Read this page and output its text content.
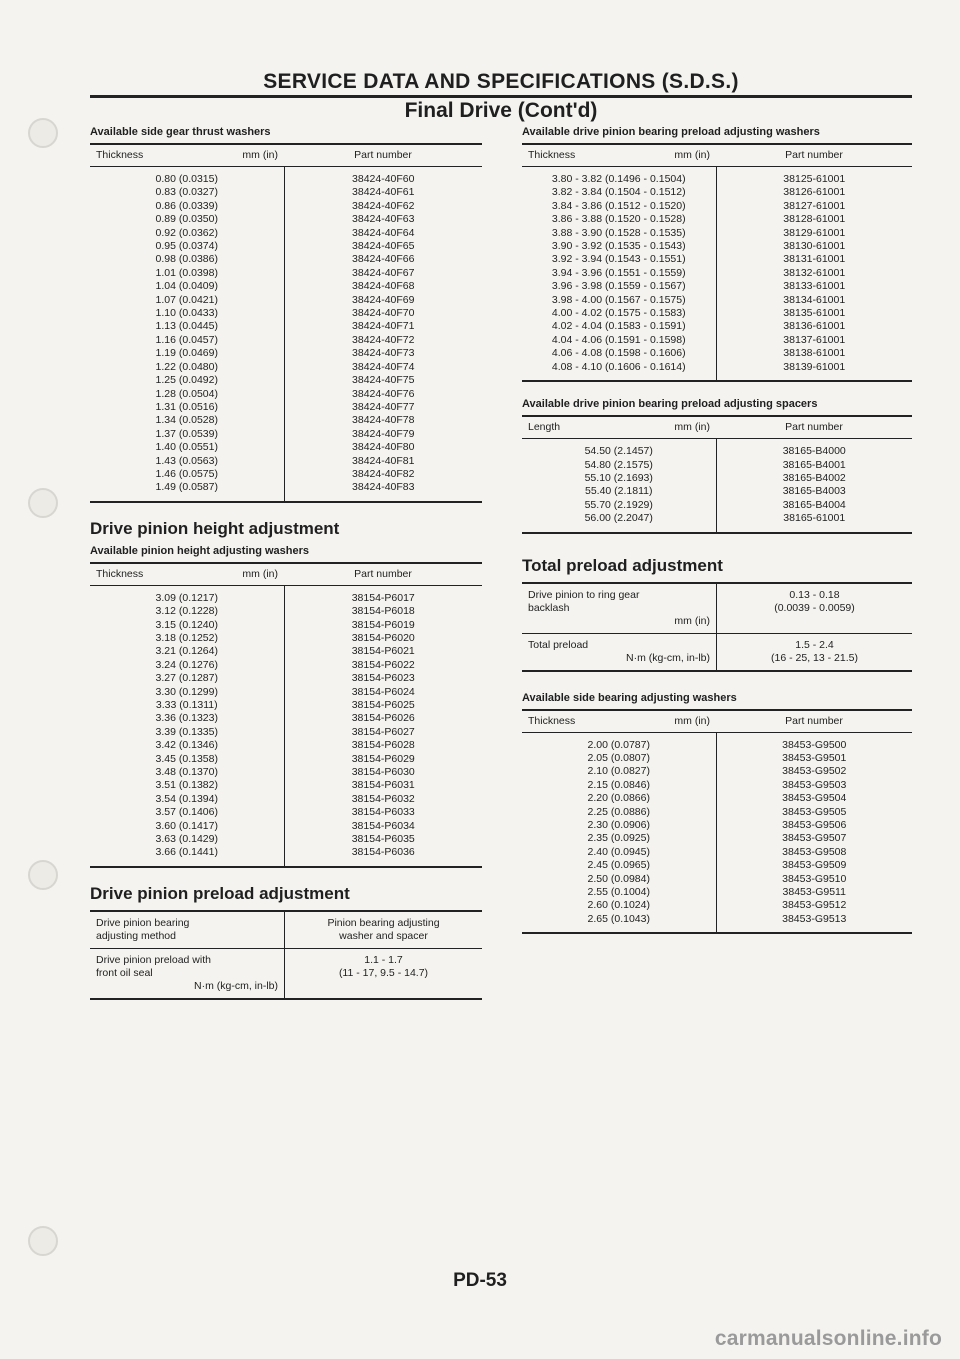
SERVICE DATA AND SPECIFICATIONS (S.D.S.)
Final Drive (Cont'd)
Available side gear thrust washers
Thickness mm (in)	Part number
0.80 (0.0315)	38424-40F60
0.83 (0.0327)	38424-40F61
0.86 (0.0339)	38424-40F62
0.89 (0.0350)	38424-40F63
0.92 (0.0362)	38424-40F64
0.95 (0.0374)	38424-40F65
0.98 (0.0386)	38424-40F66
1.01 (0.0398)	38424-40F67
1.04 (0.0409)	38424-40F68
1.07 (0.0421)	38424-40F69
1.10 (0.0433)	38424-40F70
1.13 (0.0445)	38424-40F71
1.16 (0.0457)	38424-40F72
1.19 (0.0469)	38424-40F73
1.22 (0.0480)	38424-40F74
1.25 (0.0492)	38424-40F75
1.28 (0.0504)	38424-40F76
1.31 (0.0516)	38424-40F77
1.34 (0.0528)	38424-40F78
1.37 (0.0539)	38424-40F79
1.40 (0.0551)	38424-40F80
1.43 (0.0563)	38424-40F81
1.46 (0.0575)	38424-40F82
1.49 (0.0587)	38424-40F83
Drive pinion height adjustment
Available pinion height adjusting washers
Thickness mm (in)	Part number
3.09 (0.1217)	38154-P6017
3.12 (0.1228)	38154-P6018
3.15 (0.1240)	38154-P6019
3.18 (0.1252)	38154-P6020
3.21 (0.1264)	38154-P6021
3.24 (0.1276)	38154-P6022
3.27 (0.1287)	38154-P6023
3.30 (0.1299)	38154-P6024
3.33 (0.1311)	38154-P6025
3.36 (0.1323)	38154-P6026
3.39 (0.1335)	38154-P6027
3.42 (0.1346)	38154-P6028
3.45 (0.1358)	38154-P6029
3.48 (0.1370)	38154-P6030
3.51 (0.1382)	38154-P6031
3.54 (0.1394)	38154-P6032
3.57 (0.1406)	38154-P6033
3.60 (0.1417)	38154-P6034
3.63 (0.1429)	38154-P6035
3.66 (0.1441)	38154-P6036
Drive pinion preload adjustment
Drive pinion bearing
adjusting method	Pinion bearing adjusting
washer and spacer
Drive pinion preload with
front oil seal
N·m (kg-cm, in-lb)	1.1 - 1.7
(11 - 17, 9.5 - 14.7)
Available drive pinion bearing preload adjusting washers
Thickness mm (in)	Part number
3.80 - 3.82 (0.1496 - 0.1504)	38125-61001
3.82 - 3.84 (0.1504 - 0.1512)	38126-61001
3.84 - 3.86 (0.1512 - 0.1520)	38127-61001
3.86 - 3.88 (0.1520 - 0.1528)	38128-61001
3.88 - 3.90 (0.1528 - 0.1535)	38129-61001
3.90 - 3.92 (0.1535 - 0.1543)	38130-61001
3.92 - 3.94 (0.1543 - 0.1551)	38131-61001
3.94 - 3.96 (0.1551 - 0.1559)	38132-61001
3.96 - 3.98 (0.1559 - 0.1567)	38133-61001
3.98 - 4.00 (0.1567 - 0.1575)	38134-61001
4.00 - 4.02 (0.1575 - 0.1583)	38135-61001
4.02 - 4.04 (0.1583 - 0.1591)	38136-61001
4.04 - 4.06 (0.1591 - 0.1598)	38137-61001
4.06 - 4.08 (0.1598 - 0.1606)	38138-61001
4.08 - 4.10 (0.1606 - 0.1614)	38139-61001
Available drive pinion bearing preload adjusting spacers
Length mm (in)	Part number
54.50 (2.1457)	38165-B4000
54.80 (2.1575)	38165-B4001
55.10 (2.1693)	38165-B4002
55.40 (2.1811)	38165-B4003
55.70 (2.1929)	38165-B4004
56.00 (2.2047)	38165-61001
Total preload adjustment
Drive pinion to ring gear
backlash
mm (in)	0.13 - 0.18
(0.0039 - 0.0059)
Total preload
N·m (kg-cm, in-lb)	1.5 - 2.4
(16 - 25, 13 - 21.5)
Available side bearing adjusting washers
Thickness mm (in)	Part number
2.00 (0.0787)	38453-G9500
2.05 (0.0807)	38453-G9501
2.10 (0.0827)	38453-G9502
2.15 (0.0846)	38453-G9503
2.20 (0.0866)	38453-G9504
2.25 (0.0886)	38453-G9505
2.30 (0.0906)	38453-G9506
2.35 (0.0925)	38453-G9507
2.40 (0.0945)	38453-G9508
2.45 (0.0965)	38453-G9509
2.50 (0.0984)	38453-G9510
2.55 (0.1004)	38453-G9511
2.60 (0.1024)	38453-G9512
2.65 (0.1043)	38453-G9513
PD-53
carmanualsonline.info
